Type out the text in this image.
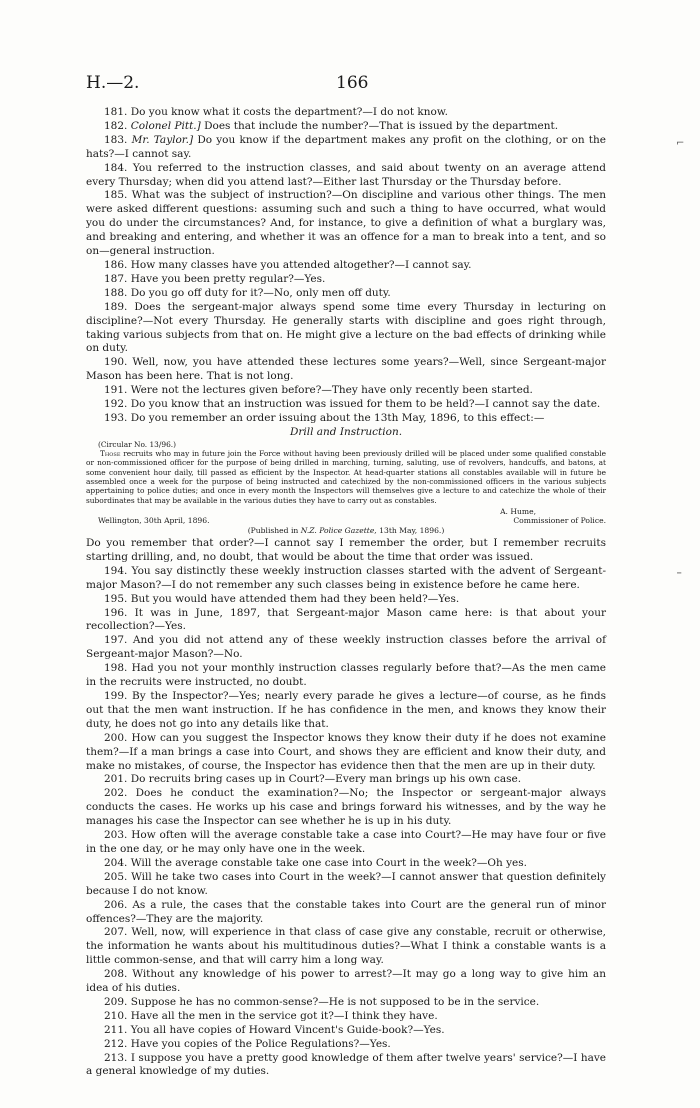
H.—2.	166

181. Do you know what it costs the department?—I do not know.

182. Colonel Pitt.] Does that include the number?—That is issued by the department.

183. Mr. Taylor.] Do you know if the department makes any profit on the clothing, or on the hats?—I cannot say.

184. You referred to the instruction classes, and said about twenty on an average attend every Thursday; when did you attend last?—Either last Thursday or the Thursday before.

185. What was the subject of instruction?—On discipline and various other things. The men were asked different questions: assuming such and such a thing to have occurred, what would you do under the circumstances? And, for instance, to give a definition of what a burglary was, and breaking and entering, and whether it was an offence for a man to break into a tent, and so on—general instruction.

186. How many classes have you attended altogether?—I cannot say.

187. Have you been pretty regular?—Yes.

188. Do you go off duty for it?—No, only men off duty.

189. Does the sergeant-major always spend some time every Thursday in lecturing on discipline?—Not every Thursday. He generally starts with discipline and goes right through, taking various subjects from that on. He might give a lecture on the bad effects of drinking while on duty.

190. Well, now, you have attended these lectures some years?—Well, since Sergeant-major Mason has been here. That is not long.

191. Were not the lectures given before?—They have only recently been started.

192. Do you know that an instruction was issued for them to be held?—I cannot say the date.

193. Do you remember an order issuing about the 13th May, 1896, to this effect:—

Drill and Instruction.

(Circular No. 13/96.)
Those recruits who may in future join the Force without having been previously drilled will be placed under some qualified constable or non-commissioned officer for the purpose of being drilled in marching, turning, saluting, use of revolvers, handcuffs, and batons, at some convenient hour daily, till passed as efficient by the Inspector. At head-quarter stations all constables available will in future be assembled once a week for the purpose of being instructed and catechized by the non-commissioned officers in the various subjects appertaining to police duties; and once in every month the Inspectors will themselves give a lecture to and catechize the whole of their subordinates that may be available in the various duties they have to carry out as constables.
A. Hume,
Wellington, 30th April, 1896.	Commissioner of Police.
(Published in N.Z. Police Gazette, 13th May, 1896.)

Do you remember that order?—I cannot say I remember the order, but I remember recruits starting drilling, and, no doubt, that would be about the time that order was issued.

194. You say distinctly these weekly instruction classes started with the advent of Sergeant-major Mason?—I do not remember any such classes being in existence before he came here.

195. But you would have attended them had they been held?—Yes.

196. It was in June, 1897, that Sergeant-major Mason came here: is that about your recollection?—Yes.

197. And you did not attend any of these weekly instruction classes before the arrival of Sergeant-major Mason?—No.

198. Had you not your monthly instruction classes regularly before that?—As the men came in the recruits were instructed, no doubt.

199. By the Inspector?—Yes; nearly every parade he gives a lecture—of course, as he finds out that the men want instruction. If he has confidence in the men, and knows they know their duty, he does not go into any details like that.

200. How can you suggest the Inspector knows they know their duty if he does not examine them?—If a man brings a case into Court, and shows they are efficient and know their duty, and make no mistakes, of course, the Inspector has evidence then that the men are up in their duty.

201. Do recruits bring cases up in Court?—Every man brings up his own case.

202. Does he conduct the examination?—No; the Inspector or sergeant-major always conducts the cases. He works up his case and brings forward his witnesses, and by the way he manages his case the Inspector can see whether he is up in his duty.

203. How often will the average constable take a case into Court?—He may have four or five in the one day, or he may only have one in the week.

204. Will the average constable take one case into Court in the week?—Oh yes.

205. Will he take two cases into Court in the week?—I cannot answer that question definitely because I do not know.

206. As a rule, the cases that the constable takes into Court are the general run of minor offences?—They are the majority.

207. Well, now, will experience in that class of case give any constable, recruit or otherwise, the information he wants about his multitudinous duties?—What I think a constable wants is a little common-sense, and that will carry him a long way.

208. Without any knowledge of his power to arrest?—It may go a long way to give him an idea of his duties.

209. Suppose he has no common-sense?—He is not supposed to be in the service.

210. Have all the men in the service got it?—I think they have.

211. You all have copies of Howard Vincent's Guide-book?—Yes.

212. Have you copies of the Police Regulations?—Yes.

213. I suppose you have a pretty good knowledge of them after twelve years' service?—I have a general knowledge of my duties.

⌐
᠆
